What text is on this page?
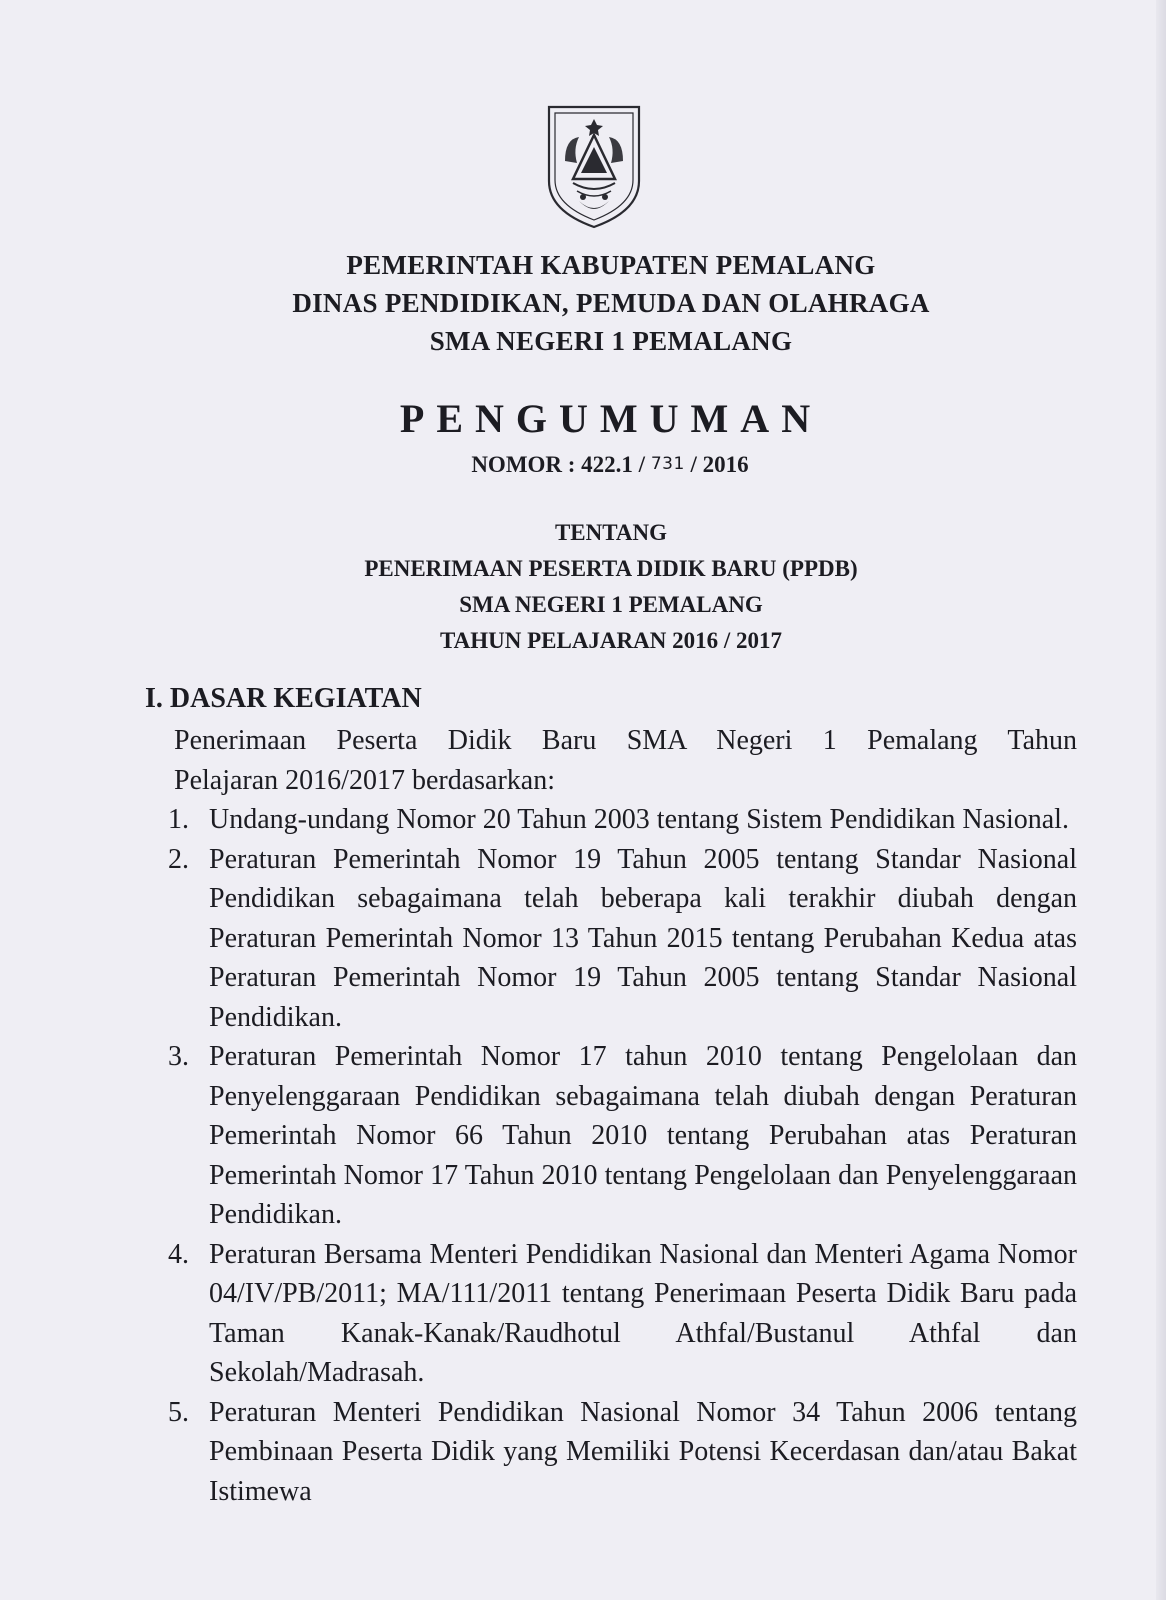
PEMERINTAH KABUPATEN PEMALANG
DINAS PENDIDIKAN, PEMUDA DAN OLAHRAGA
SMA NEGERI 1 PEMALANG
PENGUMUMAN
NOMOR : 422.1 / 731 / 2016
TENTANG
PENERIMAAN PESERTA DIDIK BARU (PPDB)
SMA NEGERI 1 PEMALANG
TAHUN PELAJARAN 2016 / 2017
I. DASAR KEGIATAN

Penerimaan Peserta Didik Baru SMA Negeri 1 Pemalang Tahun
Pelajaran 2016/2017 berdasarkan:

1. Undang-undang Nomor 20 Tahun 2003 tentang Sistem Pendidikan Nasional.
2. Peraturan Pemerintah Nomor 19 Tahun 2005 tentang Standar Nasional Pendidikan sebagaimana telah beberapa kali terakhir diubah dengan Peraturan Pemerintah Nomor 13 Tahun 2015 tentang Perubahan Kedua atas Peraturan Pemerintah Nomor 19 Tahun 2005 tentang Standar Nasional Pendidikan.
3. Peraturan Pemerintah Nomor 17 tahun 2010 tentang Pengelolaan dan Penyelenggaraan Pendidikan sebagaimana telah diubah dengan Peraturan Pemerintah Nomor 66 Tahun 2010 tentang Perubahan atas Peraturan Pemerintah Nomor 17 Tahun 2010 tentang Pengelolaan dan Penyelenggaraan Pendidikan.
4. Peraturan Bersama Menteri Pendidikan Nasional dan Menteri Agama Nomor 04/IV/PB/2011; MA/111/2011 tentang Penerimaan Peserta Didik Baru pada Taman Kanak-Kanak/Raudhotul Athfal/Bustanul Athfal dan Sekolah/Madrasah.
5. Peraturan Menteri Pendidikan Nasional Nomor 34 Tahun 2006 tentang Pembinaan Peserta Didik yang Memiliki Potensi Kecerdasan dan/atau Bakat Istimewa
